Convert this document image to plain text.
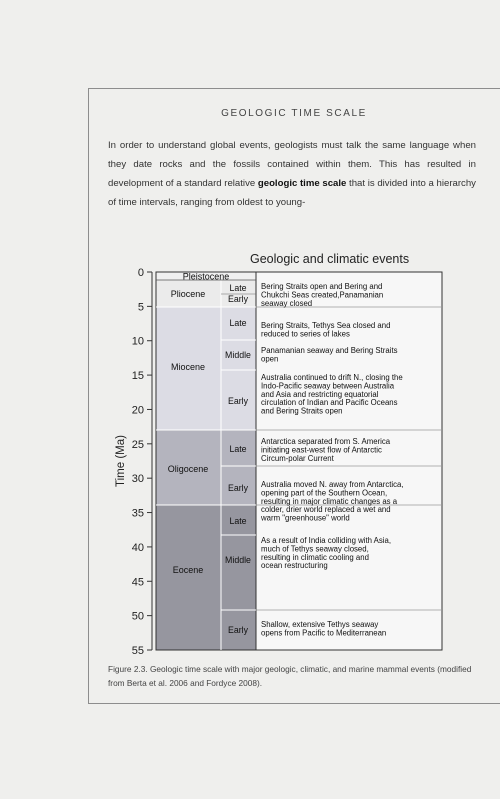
GEOLOGIC TIME SCALE
In order to understand global events, geologists must talk the same language when they date rocks and the fossils contained within them. This has resulted in development of a standard relative geologic time scale that is divided into a hierarchy of time intervals, ranging from oldest to young-
Geologic and climatic events
0
5
10
15
20
25
30
35
40
45
50
55
Time (Ma)
Pleistocene
Pliocene
Miocene
Oligocene
Eocene
Late
Early
Late
Middle
Early
Late
Early
Late
Middle
Early
Bering Straits open and Bering and Chukchi Seas created,Panamanian seaway closed
Bering Straits, Tethys Sea closed and reduced to series of lakes
Panamanian seaway and Bering Straits open
Australia continued to drift N., closing the Indo-Pacific seaway between Australia and Asia and restricting equatorial circulation of Indian and Pacific Oceans and Bering Straits open
Antarctica separated from S. America initiating east-west flow of Antarctic Circum-polar Current
Australia moved N. away from Antarctica, opening part of the Southern Ocean, resulting in major climatic changes as a colder, drier world replaced a wet and warm "greenhouse" world
As a result of India colliding with Asia, much of Tethys seaway closed, resulting in climatic cooling and ocean restructuring
Shallow, extensive Tethys seaway opens from Pacific to Mediterranean
Figure 2.3. Geologic time scale with major geologic, climatic, and marine mammal events (modified from Berta et al. 2006 and Fordyce 2008).
